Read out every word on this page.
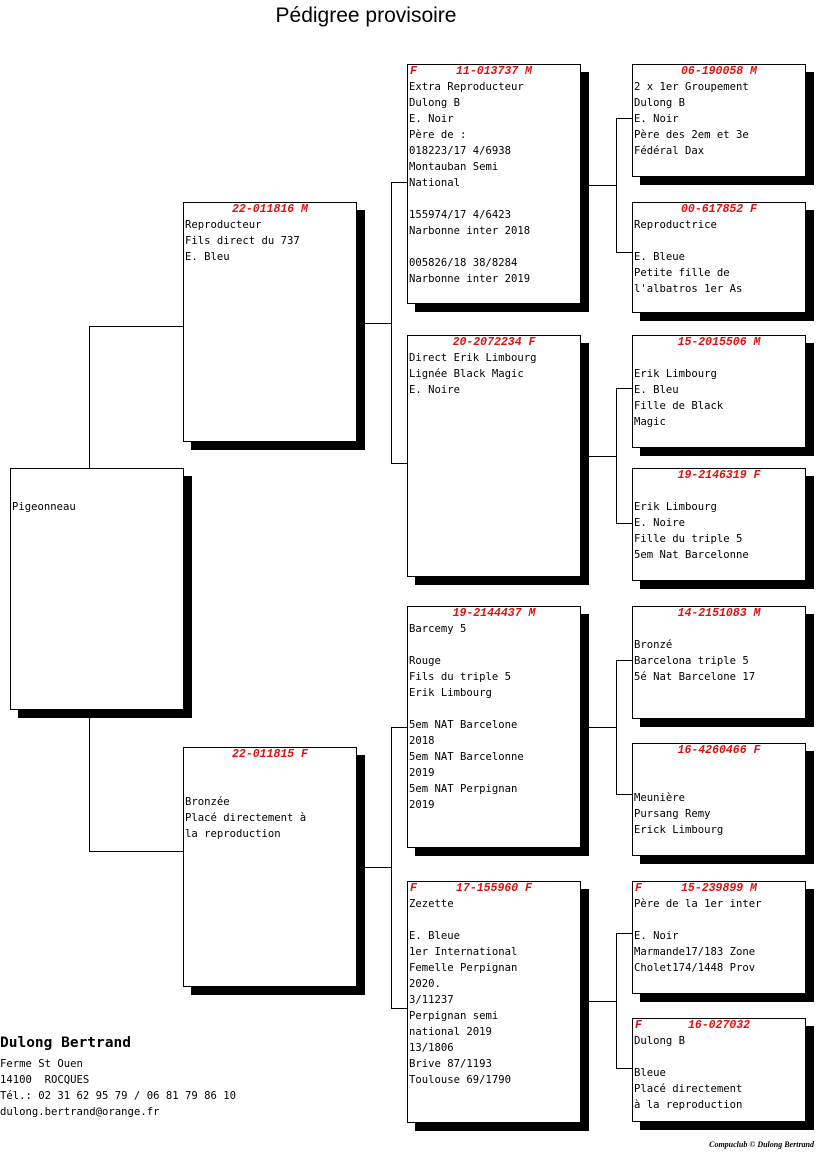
Pédigree provisoire

Pigeonneau
22-011816 M
Reproducteur
Fils direct du 737
E. Bleu
22-011815 F

Bronzée
Placé directement à
la reproduction
F	11-013737 M
Extra Reproducteur
Dulong B
E. Noir
Père de :
018223/17 4/6938
Montauban Semi
National

155974/17 4/6423
Narbonne inter 2018

005826/18 38/8284
Narbonne inter 2019
20-2072234 F
Direct Erik Limbourg
Lignée Black Magic
E. Noire
19-2144437 M
Barcemy 5

Rouge
Fils du triple 5
Erik Limbourg

5em NAT Barcelone
2018
5em NAT Barcelonne
2019
5em NAT Perpignan
2019
F	17-155960 F
Zezette

E. Bleue
1er International
Femelle Perpignan
2020.
3/11237
Perpignan semi
national 2019
13/1806
Brive 87/1193
Toulouse 69/1790
06-190058 M
2 x 1er Groupement
Dulong B
E. Noir
Père des 2em et 3e
Fédéral Dax
00-617852 F
Reproductrice

E. Bleue
Petite fille de
l'albatros 1er As
15-2015506 M

Erik Limbourg
E. Bleu
Fille de Black
Magic
19-2146319 F

Erik Limbourg
E. Noire
Fille du triple 5
5em Nat Barcelonne
14-2151083 M

Bronzé
Barcelona triple 5
5é Nat Barcelone 17
16-4260466 F

Meunière
Pursang Remy
Erick Limbourg
F	15-239899 M
Père de la 1er inter

E. Noir
Marmande17/183 Zone
Cholet174/1448 Prov
F	16-027032
Dulong B

Bleue
Placé directement
à la reproduction
Dulong Bertrand
Ferme St Ouen
14100  ROCQUES
Tél.: 02 31 62 95 79 / 06 81 79 86 10
dulong.bertrand@orange.fr
Compuclub © Dulong Bertrand
